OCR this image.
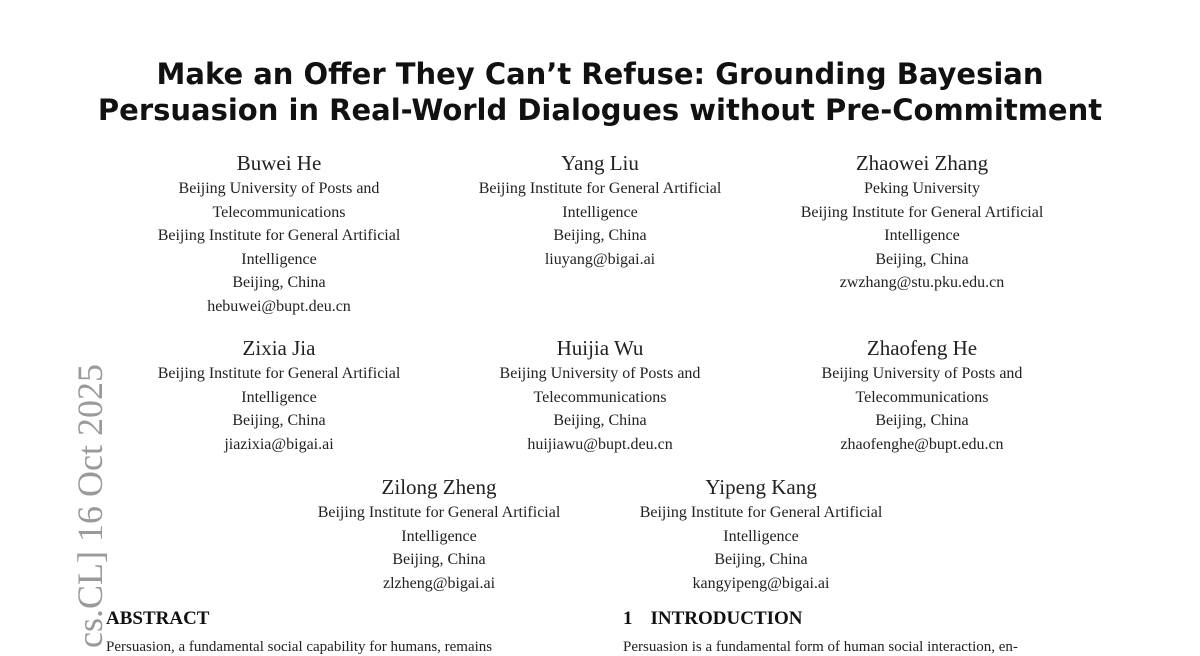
Make an Offer They Can’t Refuse: Grounding Bayesian
Persuasion in Real-World Dialogues without Pre-Commitment
Buwei He
Beijing University of Posts and
Telecommunications
Beijing Institute for General Artificial
Intelligence
Beijing, China
hebuwei@bupt.deu.cn
Yang Liu
Beijing Institute for General Artificial
Intelligence
Beijing, China
liuyang@bigai.ai
Zhaowei Zhang
Peking University
Beijing Institute for General Artificial
Intelligence
Beijing, China
zwzhang@stu.pku.edu.cn
Zixia Jia
Beijing Institute for General Artificial
Intelligence
Beijing, China
jiazixia@bigai.ai
Huijia Wu
Beijing University of Posts and
Telecommunications
Beijing, China
huijiawu@bupt.deu.cn
Zhaofeng He
Beijing University of Posts and
Telecommunications
Beijing, China
zhaofenghe@bupt.edu.cn
Zilong Zheng
Beijing Institute for General Artificial
Intelligence
Beijing, China
zlzheng@bigai.ai
Yipeng Kang
Beijing Institute for General Artificial
Intelligence
Beijing, China
kangyipeng@bigai.ai
cs.CL] 16 Oct 2025
ABSTRACT	1 INTRODUCTION
Persuasion, a fundamental social capability for humans, remains	Persuasion is a fundamental form of human social interaction, en-
